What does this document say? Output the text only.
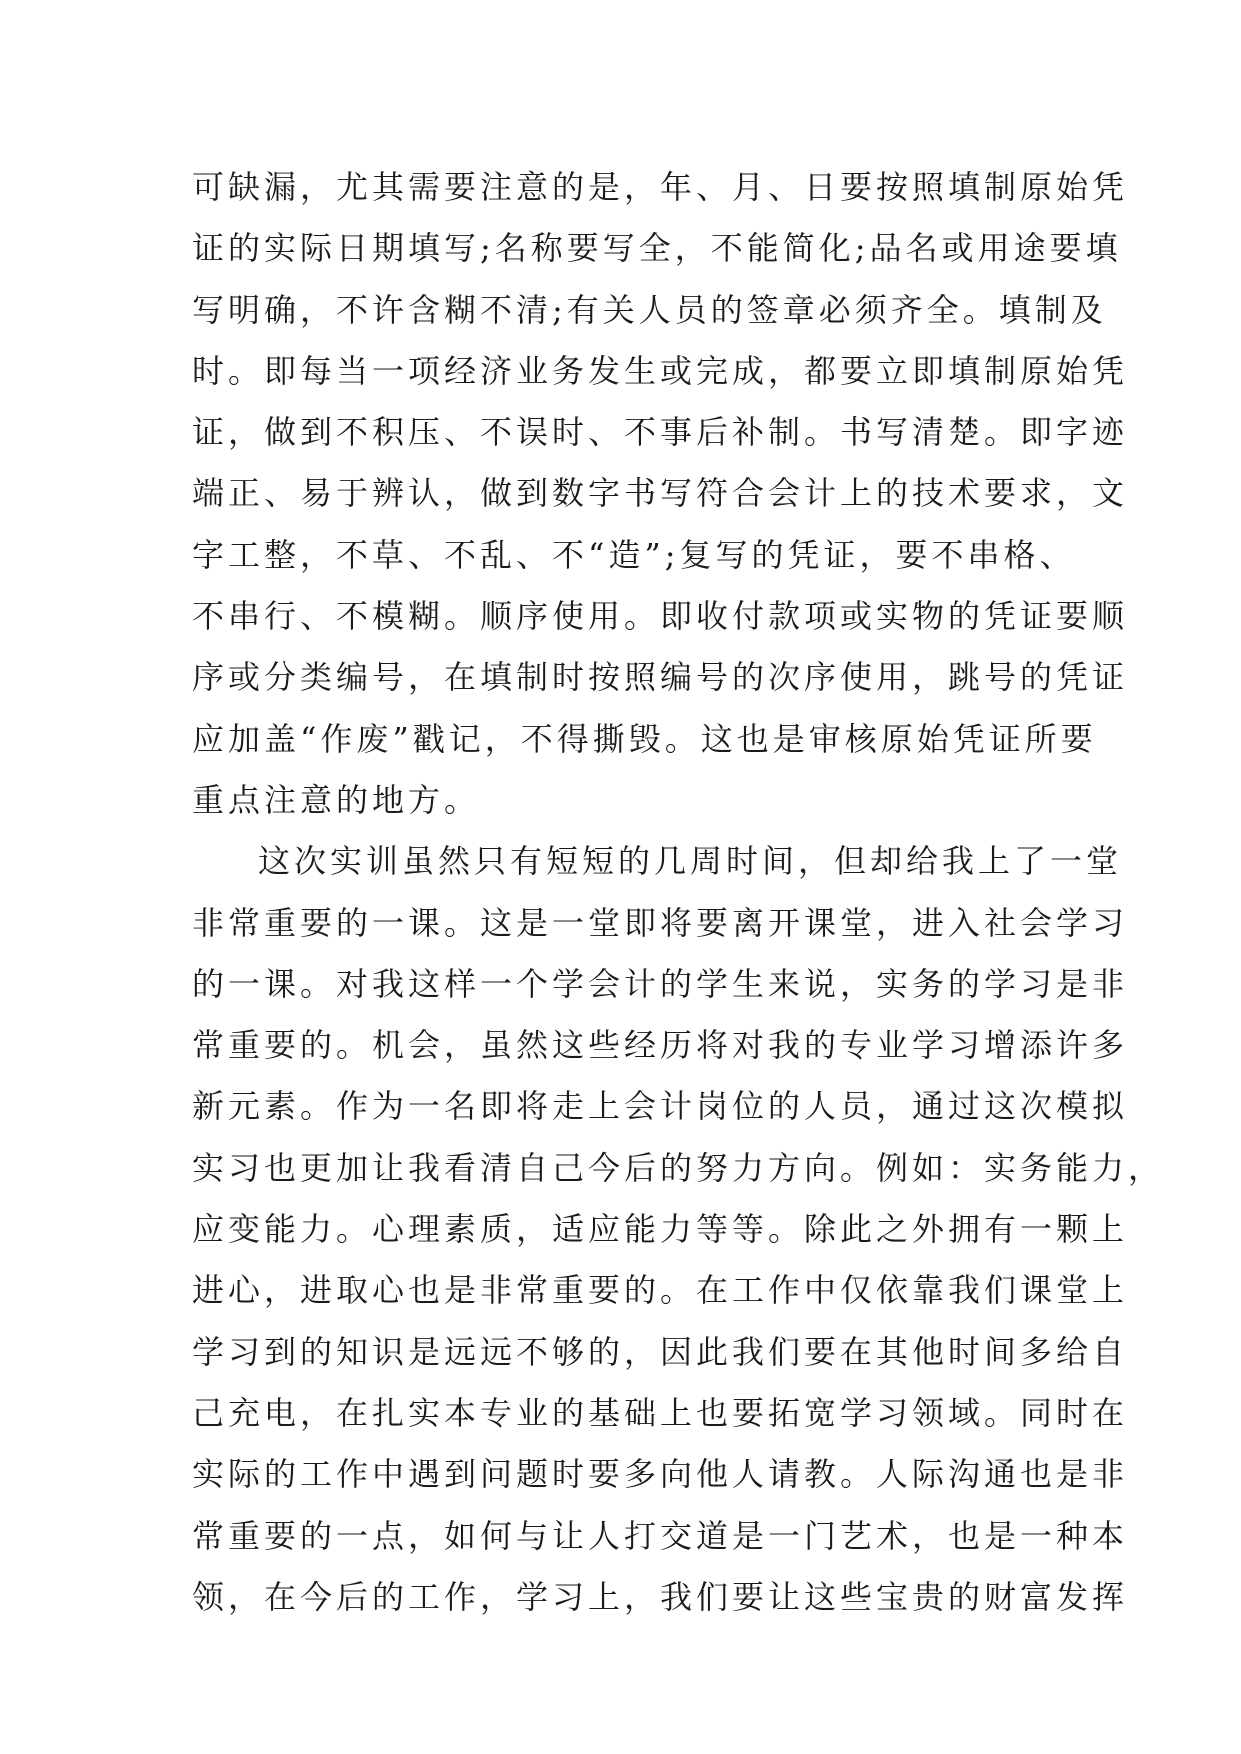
可缺漏，尤其需要注意的是，年、月、日要按照填制原始凭
证的实际日期填写;名称要写全，不能简化;品名或用途要填
写明确，不许含糊不清;有关人员的签章必须齐全。填制及
时。即每当一项经济业务发生或完成，都要立即填制原始凭
证，做到不积压、不误时、不事后补制。书写清楚。即字迹
端正、易于辨认，做到数字书写符合会计上的技术要求，文
字工整，不草、不乱、不“造”;复写的凭证，要不串格、
不串行、不模糊。顺序使用。即收付款项或实物的凭证要顺
序或分类编号，在填制时按照编号的次序使用，跳号的凭证
应加盖“作废”戳记，不得撕毁。这也是审核原始凭证所要
重点注意的地方。
这次实训虽然只有短短的几周时间，但却给我上了一堂
非常重要的一课。这是一堂即将要离开课堂，进入社会学习
的一课。对我这样一个学会计的学生来说，实务的学习是非
常重要的。机会，虽然这些经历将对我的专业学习增添许多
新元素。作为一名即将走上会计岗位的人员，通过这次模拟
实习也更加让我看清自己今后的努力方向。例如：实务能力，
应变能力。心理素质，适应能力等等。除此之外拥有一颗上
进心，进取心也是非常重要的。在工作中仅依靠我们课堂上
学习到的知识是远远不够的，因此我们要在其他时间多给自
己充电，在扎实本专业的基础上也要拓宽学习领域。同时在
实际的工作中遇到问题时要多向他人请教。人际沟通也是非
常重要的一点，如何与让人打交道是一门艺术，也是一种本
领，在今后的工作，学习上，我们要让这些宝贵的财富发挥
